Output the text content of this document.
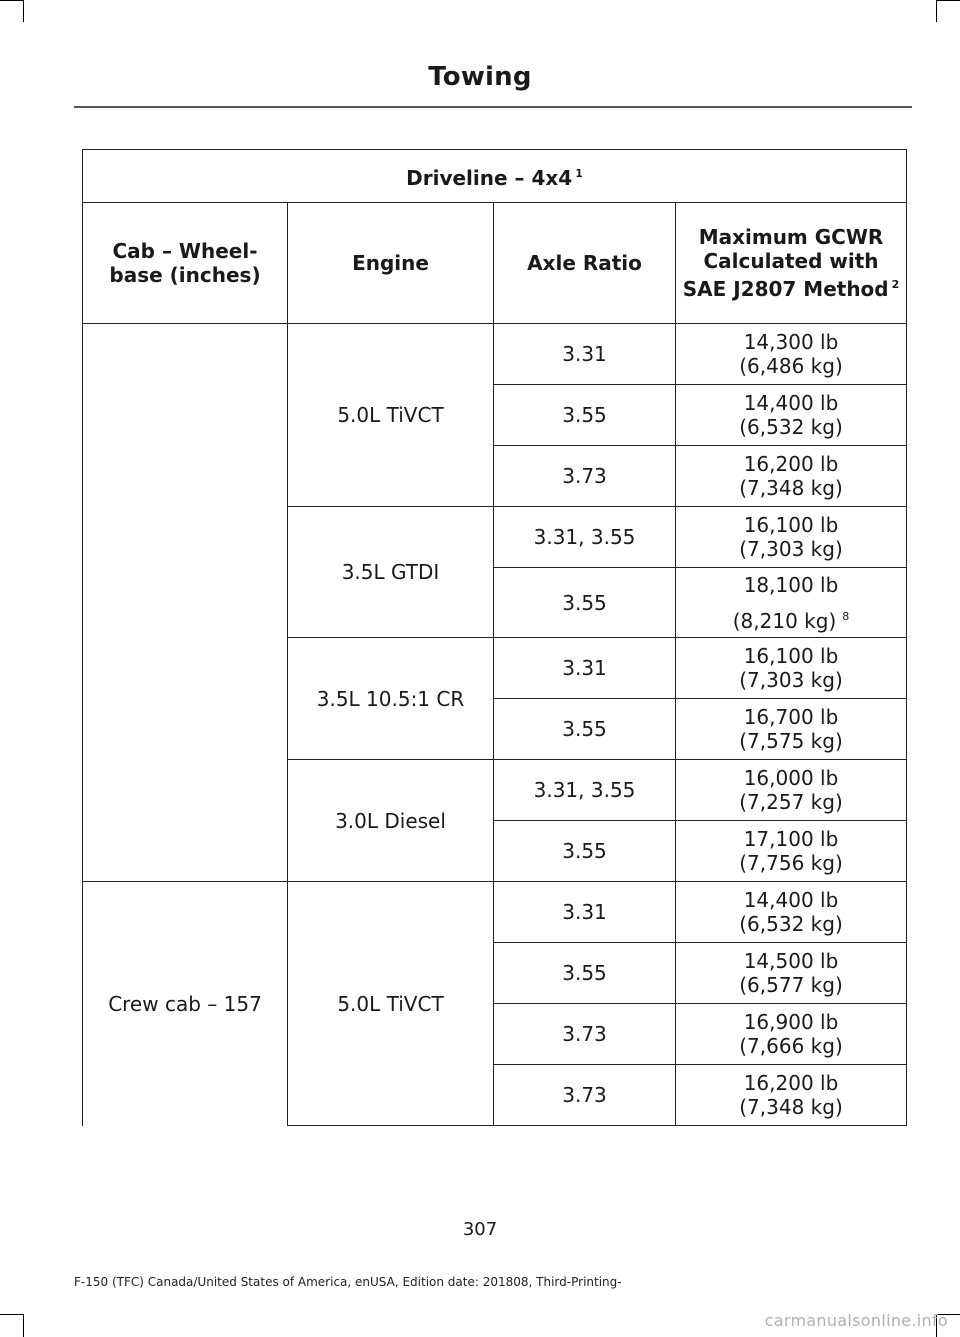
Towing
Driveline – 4x4 $^1$
Cab – Wheel-base (inches)	Engine	Axle Ratio	Maximum GCWR Calculated with SAE J2807 Method $^2$
	5.0L TiVCT	3.31	14,300 lb
(6,486 kg)

		3.55	14,400 lb
(6,532 kg)

		3.73	16,200 lb
(7,348 kg)

	3.5L GTDI	3.31, 3.55	16,100 lb
(7,303 kg)

		3.55	18,100 lb
(8,210 kg) $^8$

	3.5L 10.5:1 CR	3.31	16,100 lb
(7,303 kg)

		3.55	16,700 lb
(7,575 kg)

	3.0L Diesel	3.31, 3.55	16,000 lb
(7,257 kg)

		3.55	17,100 lb
(7,756 kg)

Crew cab – 157	5.0L TiVCT	3.31	14,400 lb
(6,532 kg)

		3.55	14,500 lb
(6,577 kg)

		3.73	16,900 lb
(7,666 kg)

		3.73	16,200 lb
(7,348 kg)
307
F-150 (TFC) Canada/United States of America, enUSA, Edition date: 201808, Third-Printing-
carmanualsonline.info
